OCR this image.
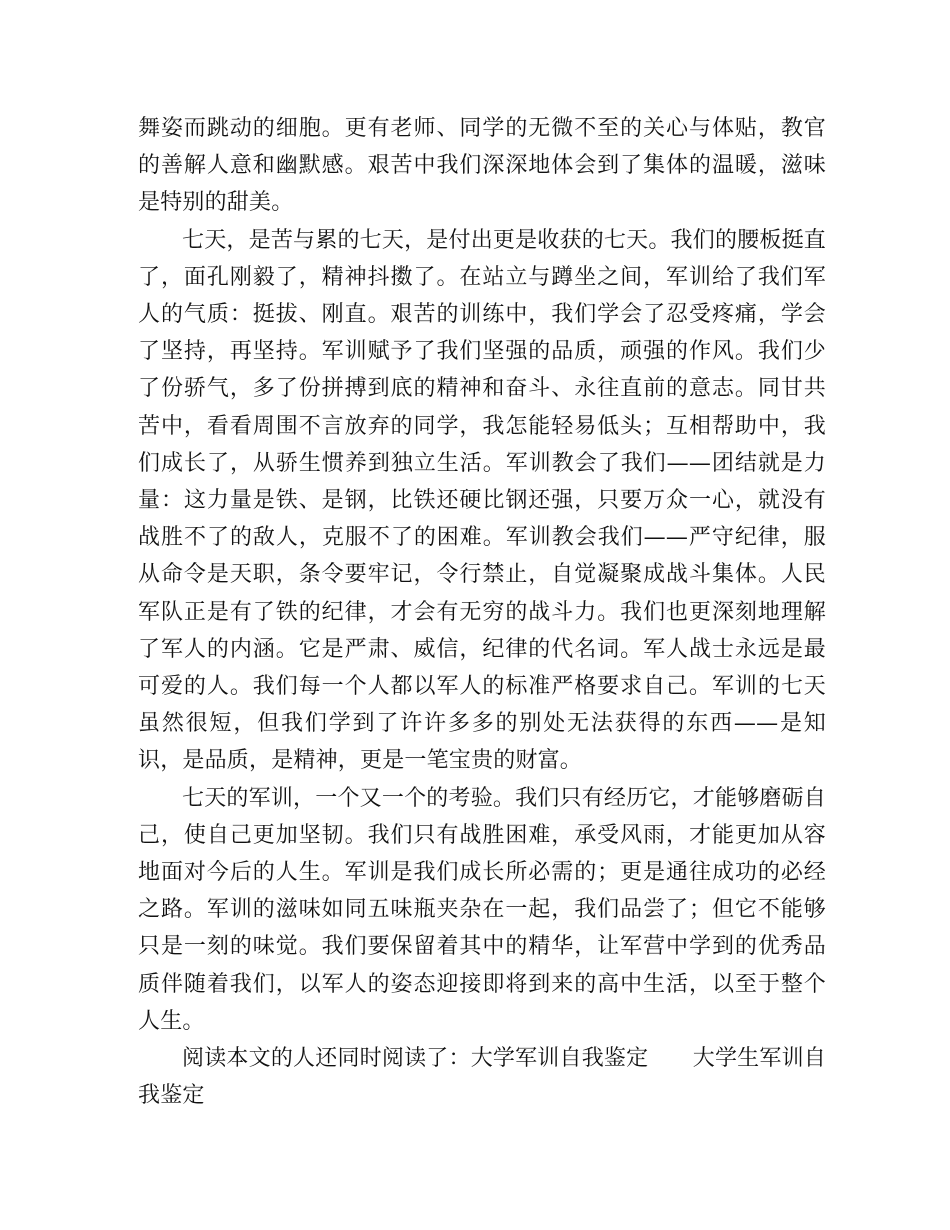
舞姿而跳动的细胞。更有老师、同学的无微不至的关心与体贴，教官的善解人意和幽默感。艰苦中我们深深地体会到了集体的温暖，滋味是特别的甜美。

七天，是苦与累的七天，是付出更是收获的七天。我们的腰板挺直了，面孔刚毅了，精神抖擞了。在站立与蹲坐之间，军训给了我们军人的气质：挺拔、刚直。艰苦的训练中，我们学会了忍受疼痛，学会了坚持，再坚持。军训赋予了我们坚强的品质，顽强的作风。我们少了份骄气，多了份拼搏到底的精神和奋斗、永往直前的意志。同甘共苦中，看看周围不言放弃的同学，我怎能轻易低头；互相帮助中，我们成长了，从骄生惯养到独立生活。军训教会了我们——团结就是力量：这力量是铁、是钢，比铁还硬比钢还强，只要万众一心，就没有战胜不了的敌人，克服不了的困难。军训教会我们——严守纪律，服从命令是天职，条令要牢记，令行禁止，自觉凝聚成战斗集体。人民军队正是有了铁的纪律，才会有无穷的战斗力。我们也更深刻地理解了军人的内涵。它是严肃、威信，纪律的代名词。军人战士永远是最可爱的人。我们每一个人都以军人的标准严格要求自己。军训的七天虽然很短，但我们学到了许许多多的别处无法获得的东西——是知识，是品质，是精神，更是一笔宝贵的财富。

七天的军训，一个又一个的考验。我们只有经历它，才能够磨砺自己，使自己更加坚韧。我们只有战胜困难，承受风雨，才能更加从容地面对今后的人生。军训是我们成长所必需的；更是通往成功的必经之路。军训的滋味如同五味瓶夹杂在一起，我们品尝了；但它不能够只是一刻的味觉。我们要保留着其中的精华，让军营中学到的优秀品质伴随着我们，以军人的姿态迎接即将到来的高中生活，以至于整个人生。

阅读本文的人还同时阅读了：大学军训自我鉴定　　大学生军训自我鉴定
